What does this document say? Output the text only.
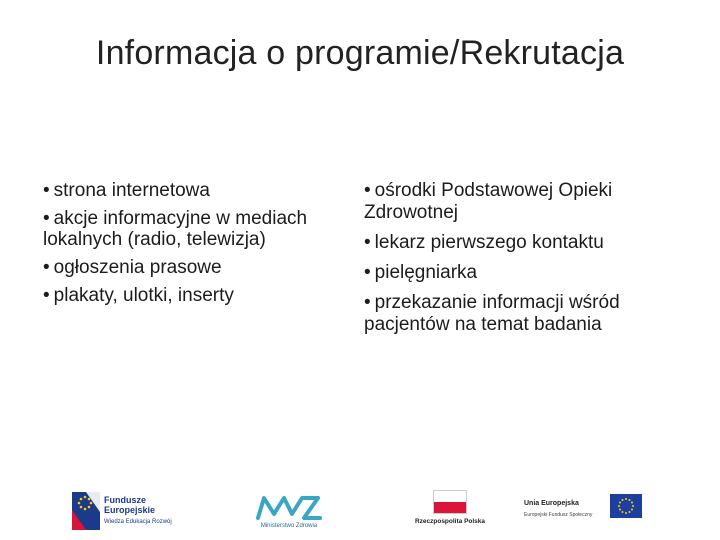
Informacja o programie/Rekrutacja
• strona internetowa
• akcje informacyjne w mediach lokalnych (radio, telewizja)
• ogłoszenia prasowe
• plakaty, ulotki, inserty
• ośrodki Podstawowej Opieki Zdrowotnej
• lekarz pierwszego kontaktu
• pielęgniarka
• przekazanie informacji wśród pacjentów na temat badania
Fundusze
Europejskie
Wiedza Edukacja Rozwój
Ministerstwo Zdrowia
Rzeczpospolita Polska
Unia Europejska
Europejski Fundusz Społeczny
